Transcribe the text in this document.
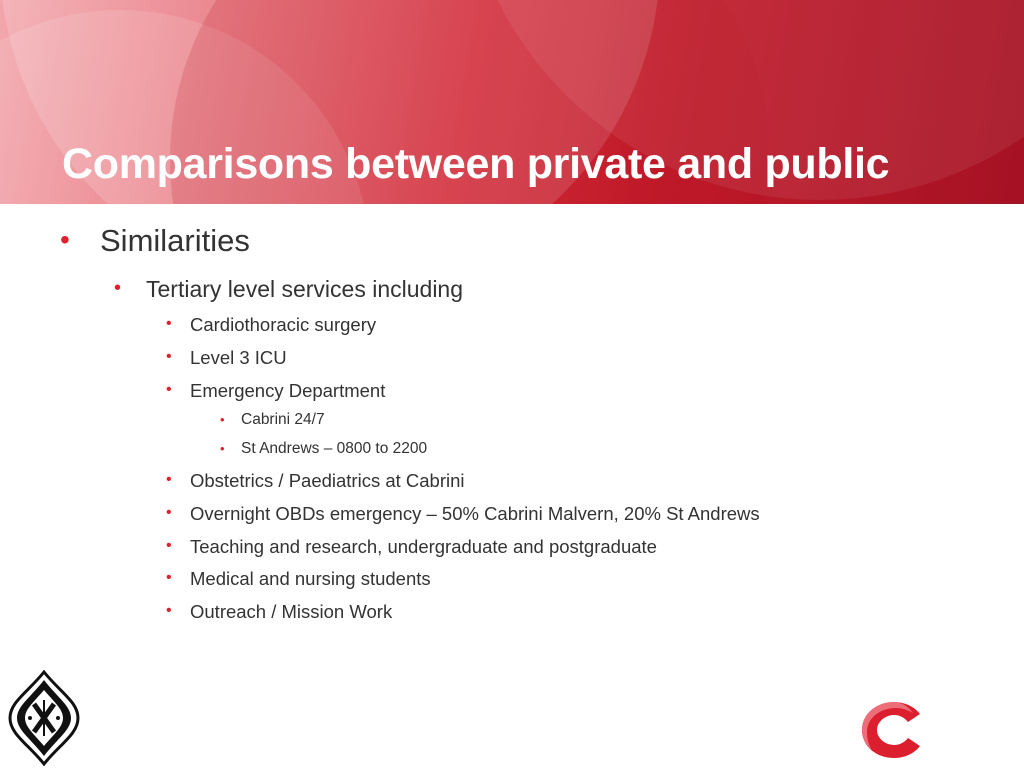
Comparisons between private and public
• Similarities
• Tertiary level services including
• Cardiothoracic surgery
• Level 3 ICU
• Emergency Department
• Cabrini 24/7
• St Andrews – 0800 to 2200
• Obstetrics / Paediatrics at Cabrini
• Overnight OBDs emergency – 50% Cabrini Malvern, 20% St Andrews
• Teaching and research, undergraduate and postgraduate
• Medical and nursing students
• Outreach / Mission Work
